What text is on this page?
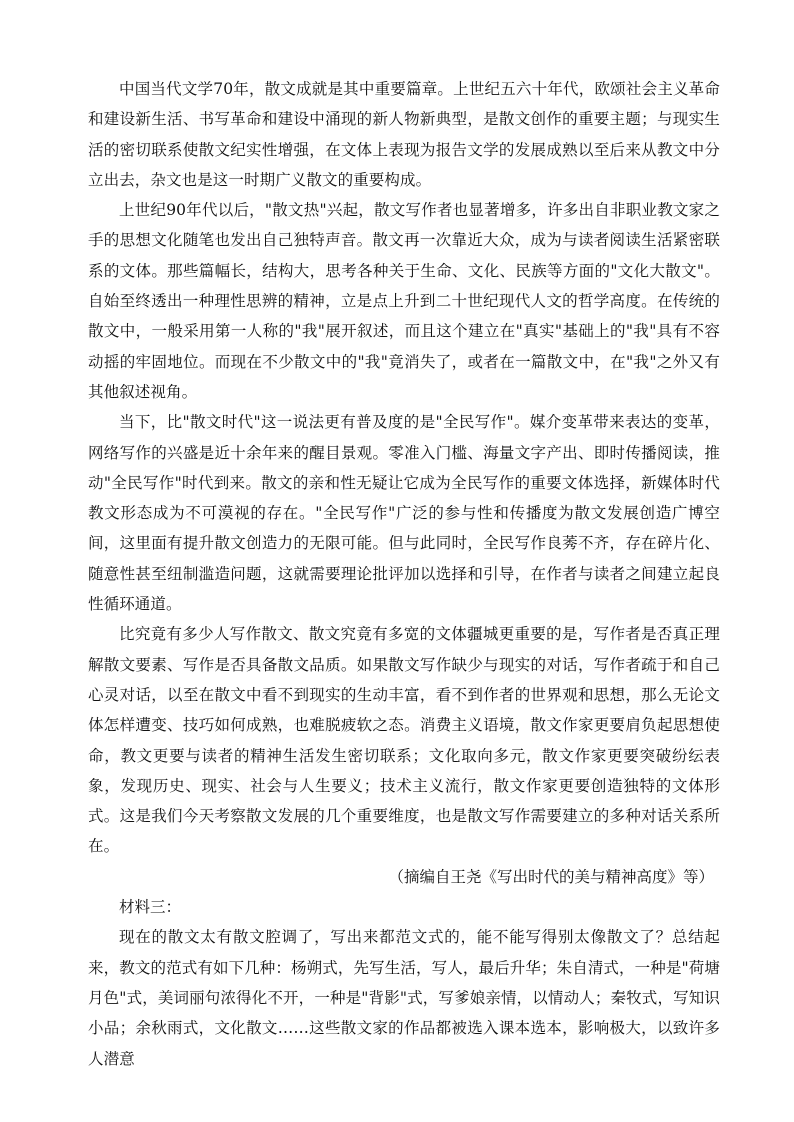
中国当代文学70年，散文成就是其中重要篇章。上世纪五六十年代，欧颂社会主义革命和建设新生活、书写革命和建设中涌现的新人物新典型，是散文创作的重要主题；与现实生活的密切联系使散文纪实性增强，在文体上表现为报告文学的发展成熟以至后来从教文中分立出去，杂文也是这一时期广义散文的重要构成。

上世纪90年代以后，"散文热"兴起，散文写作者也显著增多，许多出自非职业教文家之手的思想文化随笔也发出自己独特声音。散文再一次靠近大众，成为与读者阅读生活紧密联系的文体。那些篇幅长，结构大，思考各种关于生命、文化、民族等方面的"文化大散文"。自始至终透出一种理性思辨的精神，立是点上升到二十世纪现代人文的哲学高度。在传统的散文中，一般采用第一人称的"我"展开叙述，而且这个建立在"真实"基础上的"我"具有不容动摇的牢固地位。而现在不少散文中的"我"竟消失了，或者在一篇散文中，在"我"之外又有其他叙述视角。

当下，比"散文时代"这一说法更有普及度的是"全民写作"。媒介变革带来表达的变革，网络写作的兴盛是近十余年来的醒目景观。零准入门槛、海量文字产出、即时传播阅读，推动"全民写作"时代到来。散文的亲和性无疑让它成为全民写作的重要文体选择，新媒体时代教文形态成为不可漠视的存在。"全民写作"广泛的参与性和传播度为散文发展创造广博空间，这里面有提升散文创造力的无限可能。但与此同时，全民写作良莠不齐，存在碎片化、随意性甚至纽制滥造问题，这就需要理论批评加以选择和引导，在作者与读者之间建立起良性循环通道。

比究竟有多少人写作散文、散文究竟有多宽的文体疆城更重要的是，写作者是否真正理解散文要素、写作是否具备散文品质。如果散文写作缺少与现实的对话，写作者疏于和自己心灵对话，以至在散文中看不到现实的生动丰富，看不到作者的世界观和思想，那么无论文体怎样遭变、技巧如何成熟，也难脱疲软之态。消费主义语境，散文作家更要肩负起思想使命，教文更要与读者的精神生活发生密切联系；文化取向多元，散文作家更要突破纷纭表象，发现历史、现实、社会与人生要义；技术主义流行，散文作家更要创造独特的文体形式。这是我们今天考察散文发展的几个重要维度，也是散文写作需要建立的多种对话关系所在。

（摘编自王尧《写出时代的美与精神高度》等）

材料三：

现在的散文太有散文腔调了，写出来都范文式的，能不能写得别太像散文了？总结起来，教文的范式有如下几种：杨朔式，先写生活，写人，最后升华；朱自清式，一种是"荷塘月色"式，美词丽句浓得化不开，一种是"背影"式，写爹娘亲情，以情动人；秦牧式，写知识小品；余秋雨式，文化散文……这些散文家的作品都被选入课本选本，影响极大，以致许多人潜意
